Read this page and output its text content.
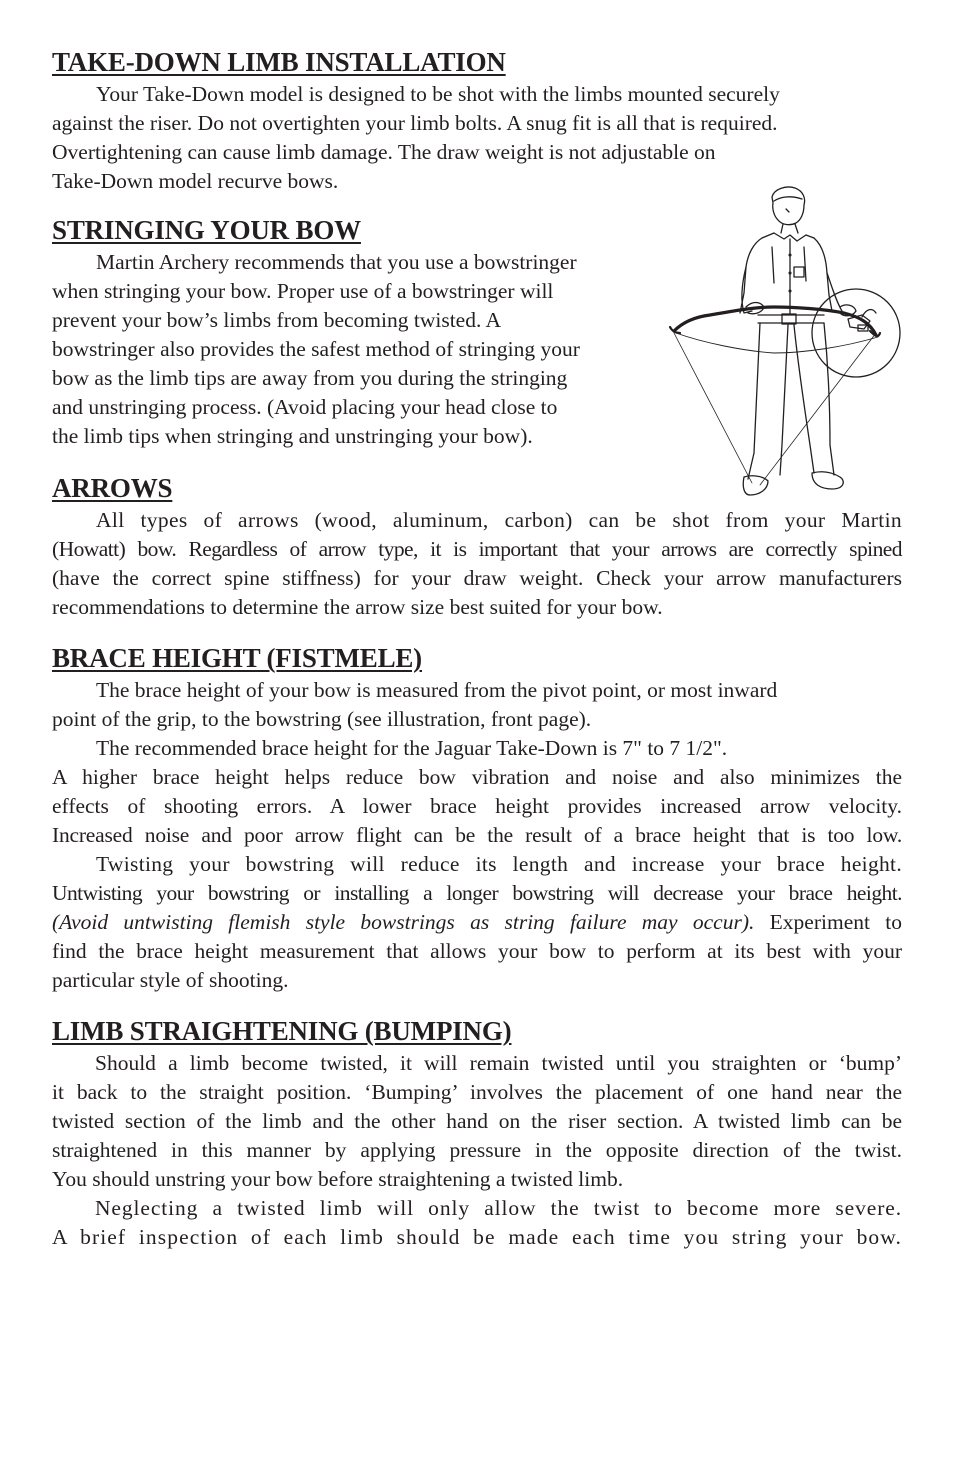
TAKE-DOWN LIMB INSTALLATION

Your Take-Down model is designed to be shot with the limbs mounted securely
against the riser. Do not overtighten your limb bolts. A snug fit is all that is required.
Overtightening can cause limb damage. The draw weight is not adjustable on
Take-Down model recurve bows.

STRINGING YOUR BOW

Martin Archery recommends that you use a bowstringer
when stringing your bow. Proper use of a bowstringer will
prevent your bow’s limbs from becoming twisted. A
bowstringer also provides the safest method of stringing your
bow as the limb tips are away from you during the stringing
and unstringing process. (Avoid placing your head close to
the limb tips when stringing and unstringing your bow).

ARROWS

All types of arrows (wood, aluminum, carbon) can be shot from your Martin
(Howatt) bow. Regardless of arrow type, it is important that your arrows are correctly spined
(have the correct spine stiffness) for your draw weight. Check your arrow manufacturers
recommendations to determine the arrow size best suited for your bow.

BRACE HEIGHT (FISTMELE)

The brace height of your bow is measured from the pivot point, or most inward
point of the grip, to the bowstring (see illustration, front page).

The recommended brace height for the Jaguar Take-Down is 7" to 7 1/2".
A higher brace height helps reduce bow vibration and noise and also minimizes the
effects of shooting errors. A lower brace height provides increased arrow velocity.
Increased noise and poor arrow flight can be the result of a brace height that is too low.

Twisting your bowstring will reduce its length and increase your brace height.
Untwisting your bowstring or installing a longer bowstring will decrease your brace height.
(Avoid untwisting flemish style bowstrings as string failure may occur). Experiment to
find the brace height measurement that allows your bow to perform at its best with your
particular style of shooting.

LIMB STRAIGHTENING (BUMPING)

Should a limb become twisted, it will remain twisted until you straighten or ‘bump’
it back to the straight position. ‘Bumping’ involves the placement of one hand near the
twisted section of the limb and the other hand on the riser section. A twisted limb can be
straightened in this manner by applying pressure in the opposite direction of the twist.
You should unstring your bow before straightening a twisted limb.

Neglecting a twisted limb will only allow the twist to become more severe.
A brief inspection of each limb should be made each time you string your bow.
